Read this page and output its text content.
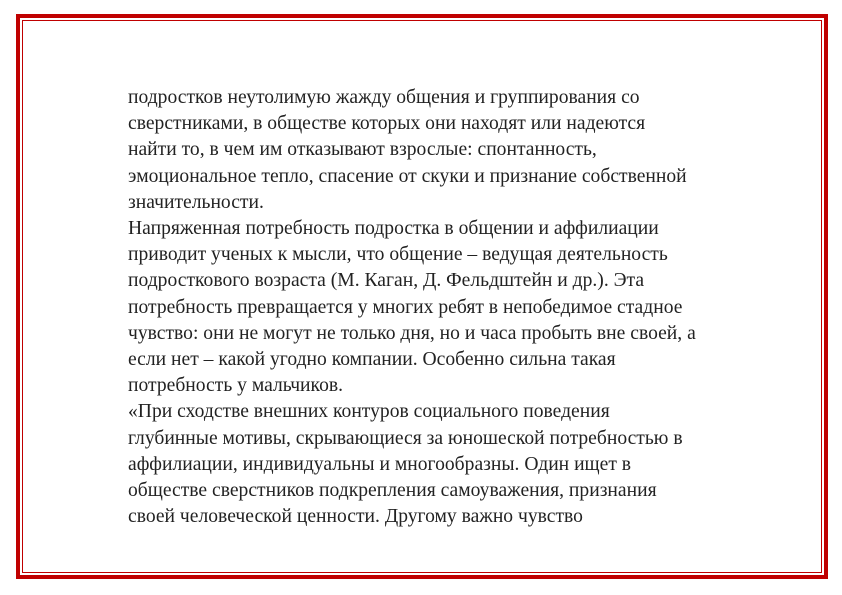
подростков неутолимую жажду общения и группирования со
сверстниками, в обществе которых они находят или надеются
найти то, в чем им отказывают взрослые: спонтанность,
эмоциональное тепло, спасение от скуки и признание собственной
значительности.
Напряженная потребность подростка в общении и аффилиации
приводит ученых к мысли, что общение – ведущая деятельность
подросткового возраста (М. Каган, Д. Фельдштейн и др.). Эта
потребность превращается у многих ребят в непобедимое стадное
чувство: они не могут не только дня, но и часа пробыть вне своей, а
если нет – какой угодно компании. Особенно сильна такая
потребность у мальчиков.
«При сходстве внешних контуров социального поведения
глубинные мотивы, скрывающиеся за юношеской потребностью в
аффилиации, индивидуальны и многообразны. Один ищет в
обществе сверстников подкрепления самоуважения, признания
своей человеческой ценности. Другому важно чувство
